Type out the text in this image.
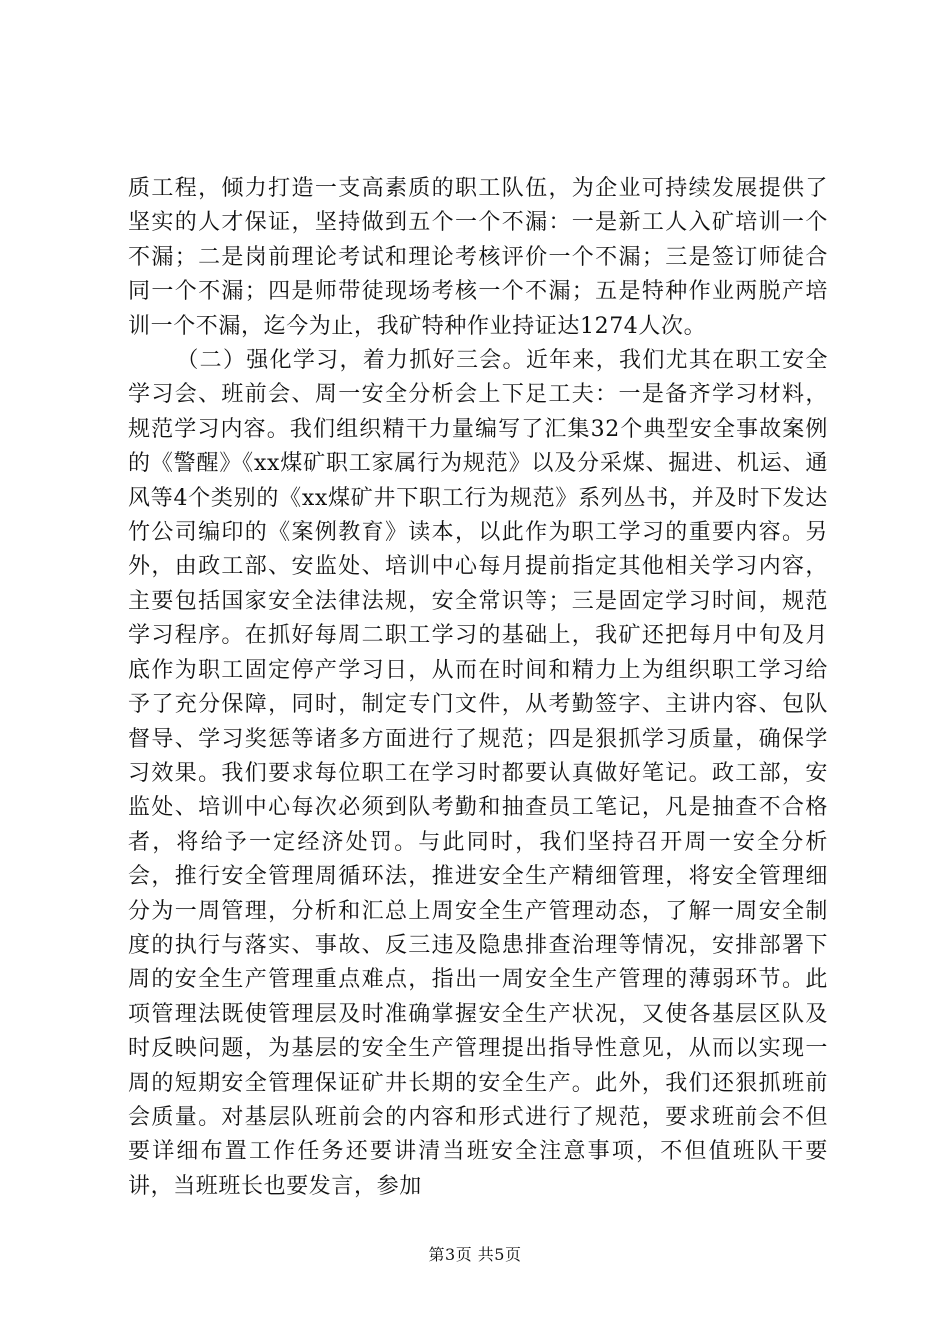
质工程，倾力打造一支高素质的职工队伍，为企业可持续发展提供了坚实的人才保证，坚持做到五个一个不漏：一是新工人入矿培训一个不漏；二是岗前理论考试和理论考核评价一个不漏；三是签订师徒合同一个不漏；四是师带徒现场考核一个不漏；五是特种作业两脱产培训一个不漏，迄今为止，我矿特种作业持证达1274人次。

（二）强化学习，着力抓好三会。近年来，我们尤其在职工安全学习会、班前会、周一安全分析会上下足工夫：一是备齐学习材料，规范学习内容。我们组织精干力量编写了汇集32个典型安全事故案例的《警醒》《xx煤矿职工家属行为规范》以及分采煤、掘进、机运、通风等4个类别的《xx煤矿井下职工行为规范》系列丛书，并及时下发达竹公司编印的《案例教育》读本，以此作为职工学习的重要内容。另外，由政工部、安监处、培训中心每月提前指定其他相关学习内容，主要包括国家安全法律法规，安全常识等；三是固定学习时间，规范学习程序。在抓好每周二职工学习的基础上，我矿还把每月中旬及月底作为职工固定停产学习日，从而在时间和精力上为组织职工学习给予了充分保障，同时，制定专门文件，从考勤签字、主讲内容、包队督导、学习奖惩等诸多方面进行了规范；四是狠抓学习质量，确保学习效果。我们要求每位职工在学习时都要认真做好笔记。政工部，安监处、培训中心每次必须到队考勤和抽查员工笔记，凡是抽查不合格者，将给予一定经济处罚。与此同时，我们坚持召开周一安全分析会，推行安全管理周循环法，推进安全生产精细管理，将安全管理细分为一周管理，分析和汇总上周安全生产管理动态，了解一周安全制度的执行与落实、事故、反三违及隐患排查治理等情况，安排部署下周的安全生产管理重点难点，指出一周安全生产管理的薄弱环节。此项管理法既使管理层及时准确掌握安全生产状况，又使各基层区队及时反映问题，为基层的安全生产管理提出指导性意见，从而以实现一周的短期安全管理保证矿井长期的安全生产。此外，我们还狠抓班前会质量。对基层队班前会的内容和形式进行了规范，要求班前会不但要详细布置工作任务还要讲清当班安全注意事项，不但值班队干要讲，当班班长也要发言，参加

第3页 共5页
